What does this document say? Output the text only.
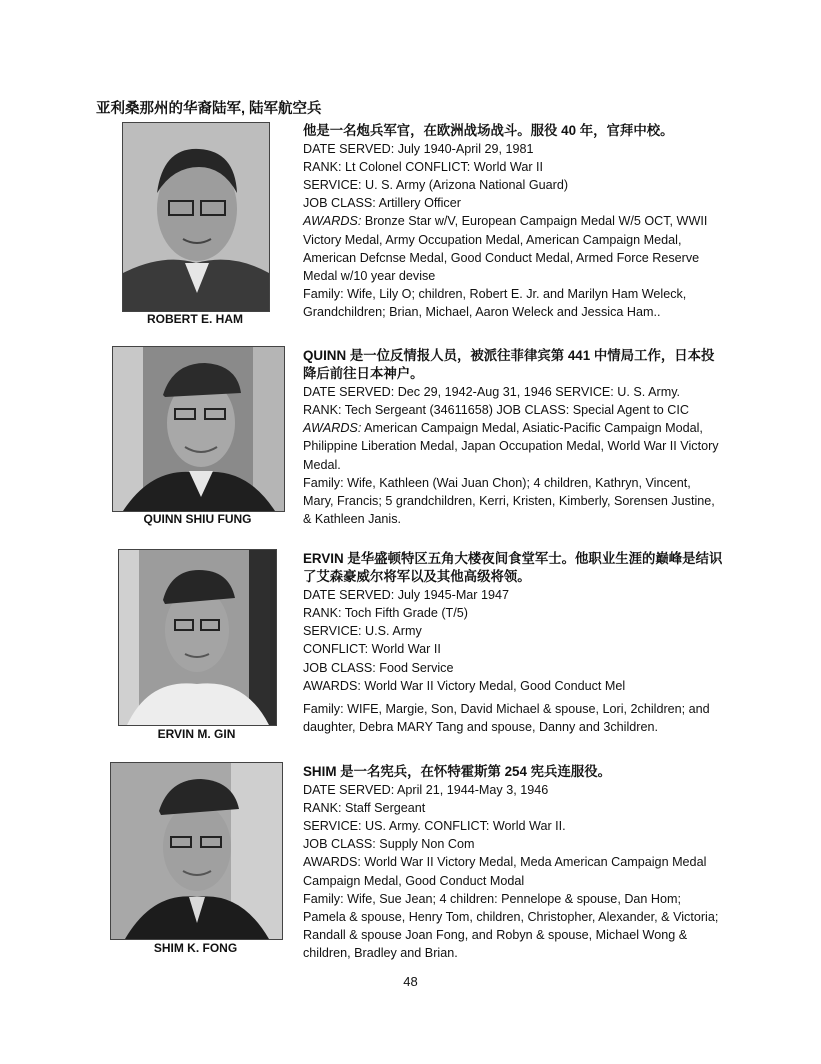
亚利桑那州的华裔陆军, 陆军航空兵
ROBERT E. HAM

他是一名炮兵军官，在欧洲战场战斗。服役 40 年，官拜中校。

DATE SERVED: July 1940-April 29, 1981

RANK: Lt Colonel CONFLICT: World War II

SERVICE: U. S. Army (Arizona National Guard)

JOB CLASS: Artillery Officer

AWARDS: Bronze Star w/V, European Campaign Medal W/5 OCT, WWII Victory Medal, Army Occupation Medal, American Campaign Medal, American Defcnse Medal, Good Conduct Medal, Armed Force Reserve Medal w/10 year devise

Family: Wife, Lily O; children, Robert E. Jr. and Marilyn Ham Weleck, Grandchildren; Brian, Michael, Aaron Weleck and Jessica Ham..

QUINN SHIU FUNG

QUINN 是一位反情报人员，被派往菲律宾第 441 中情局工作，日本投降后前往日本神户。

DATE SERVED: Dec 29, 1942-Aug 31, 1946 SERVICE: U. S. Army.

RANK: Tech Sergeant (34611658) JOB CLASS: Special Agent to CIC

AWARDS: American Campaign Medal, Asiatic-Pacific Campaign Modal, Philippine Liberation Medal, Japan Occupation Medal, World War II Victory Medal.

Family: Wife, Kathleen (Wai Juan Chon); 4 children, Kathryn, Vincent, Mary, Francis; 5 grandchildren, Kerri, Kristen, Kimberly, Sorensen Justine, & Kathleen Janis.

ERVIN M. GIN

ERVIN 是华盛顿特区五角大楼夜间食堂军士。他职业生涯的巅峰是结识了艾森豪威尔将军以及其他高级将领。

DATE SERVED: July 1945-Mar 1947

RANK: Toch Fifth Grade (T/5)

SERVICE: U.S. Army

CONFLICT: World War II

JOB CLASS: Food Service

AWARDS: World War II Victory Medal, Good Conduct Mel

Family: WIFE, Margie, Son, David Michael & spouse, Lori, 2children; and daughter, Debra MARY Tang and spouse, Danny and 3children.

SHIM K. FONG

SHIM 是一名宪兵，在怀特霍斯第 254 宪兵连服役。

DATE SERVED: April 21, 1944-May 3, 1946

RANK: Staff Sergeant

SERVICE: US. Army. CONFLICT: World War II.

JOB CLASS: Supply Non Com

AWARDS: World War II Victory Medal, Meda American Campaign Medal Campaign Medal, Good Conduct Modal

Family: Wife, Sue Jean; 4 children: Pennelope & spouse, Dan Hom; Pamela & spouse, Henry Tom, children, Christopher, Alexander, & Victoria; Randall & spouse Joan Fong, and Robyn & spouse, Michael Wong & children, Bradley and Brian.

48
